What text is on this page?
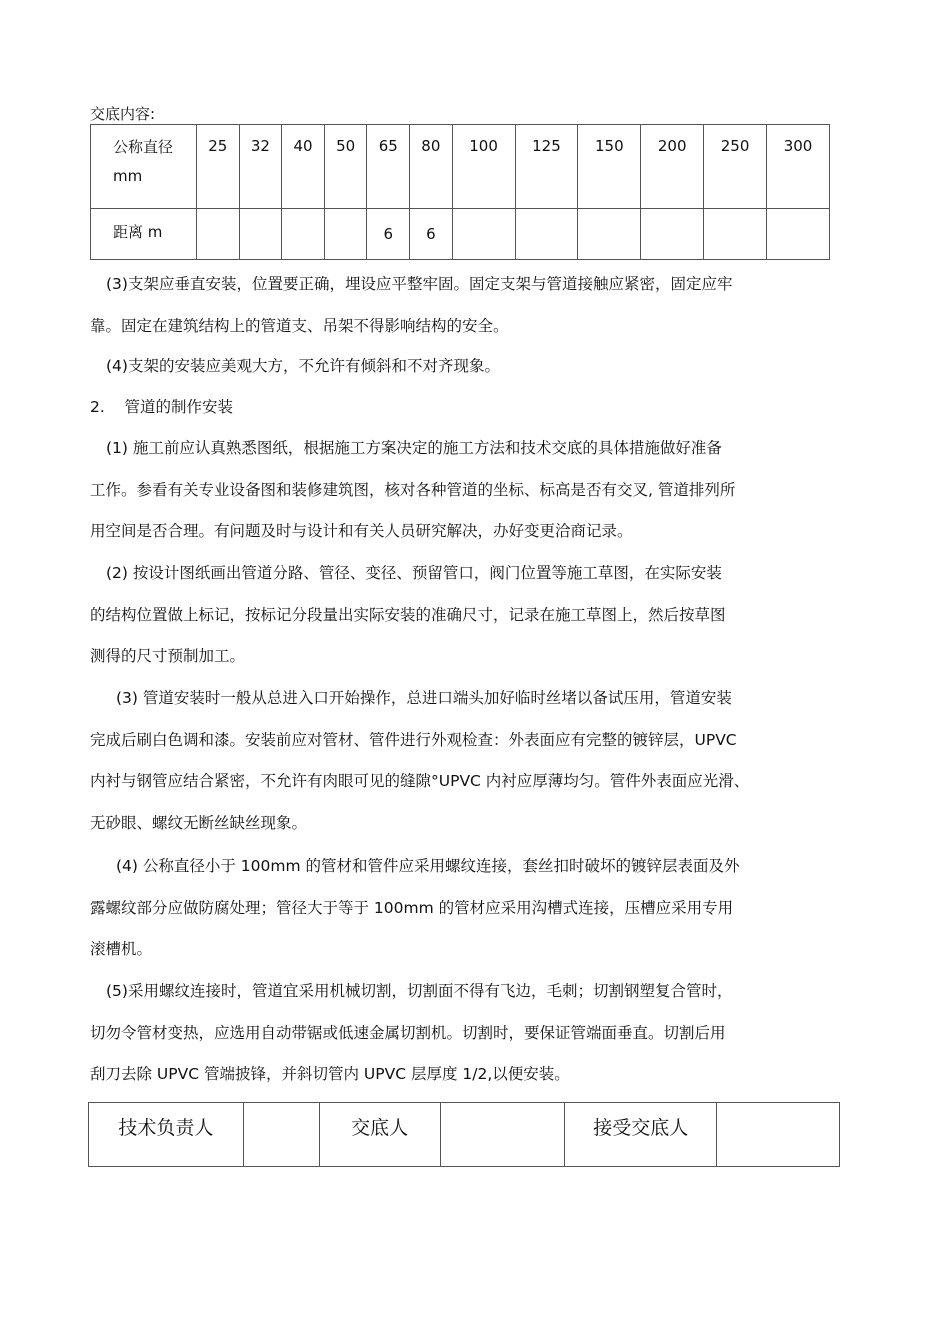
交底内容:
公称直径
mm	25	32	40	50	65	80	100	125	150	200	250	300

距离 m					6	6						

(3)支架应垂直安装，位置要正确，埋设应平整牢固。固定支架与管道接触应紧密，固定应牢
靠。固定在建筑结构上的管道支、吊架不得影响结构的安全。
(4)支架的安装应美观大方，不允许有倾斜和不对齐现象。
2.    管道的制作安装
(1) 施工前应认真熟悉图纸，根据施工方案决定的施工方法和技术交底的具体措施做好准备
工作。参看有关专业设备图和装修建筑图，核对各种管道的坐标、标高是否有交叉, 管道排列所
用空间是否合理。有问题及时与设计和有关人员研究解决，办好变更洽商记录。
(2) 按设计图纸画出管道分路、管径、变径、预留管口，阀门位置等施工草图，在实际安装
的结构位置做上标记，按标记分段量出实际安装的准确尺寸，记录在施工草图上，然后按草图
测得的尺寸预制加工。
(3) 管道安装时一般从总进入口开始操作，总进口端头加好临时丝堵以备试压用，管道安装
完成后刷白色调和漆。安装前应对管材、管件进行外观检查：外表面应有完整的镀锌层，UPVC
内衬与钢管应结合紧密，不允许有肉眼可见的缝隙°UPVC 内衬应厚薄均匀。管件外表面应光滑、
无砂眼、螺纹无断丝缺丝现象。
(4) 公称直径小于 100mm 的管材和管件应采用螺纹连接，套丝扣时破坏的镀锌层表面及外
露螺纹部分应做防腐处理；管径大于等于 100mm 的管材应采用沟槽式连接，压槽应采用专用
滚槽机。
(5)采用螺纹连接时，管道宜采用机械切割，切割面不得有飞边，毛刺；切割钢塑复合管时，
切勿令管材变热，应选用自动带锯或低速金属切割机。切割时，要保证管端面垂直。切割后用
刮刀去除 UPVC 管端披锋，并斜切管内 UPVC 层厚度 1/2,以便安装。
技术负责人		交底人		接受交底人	
